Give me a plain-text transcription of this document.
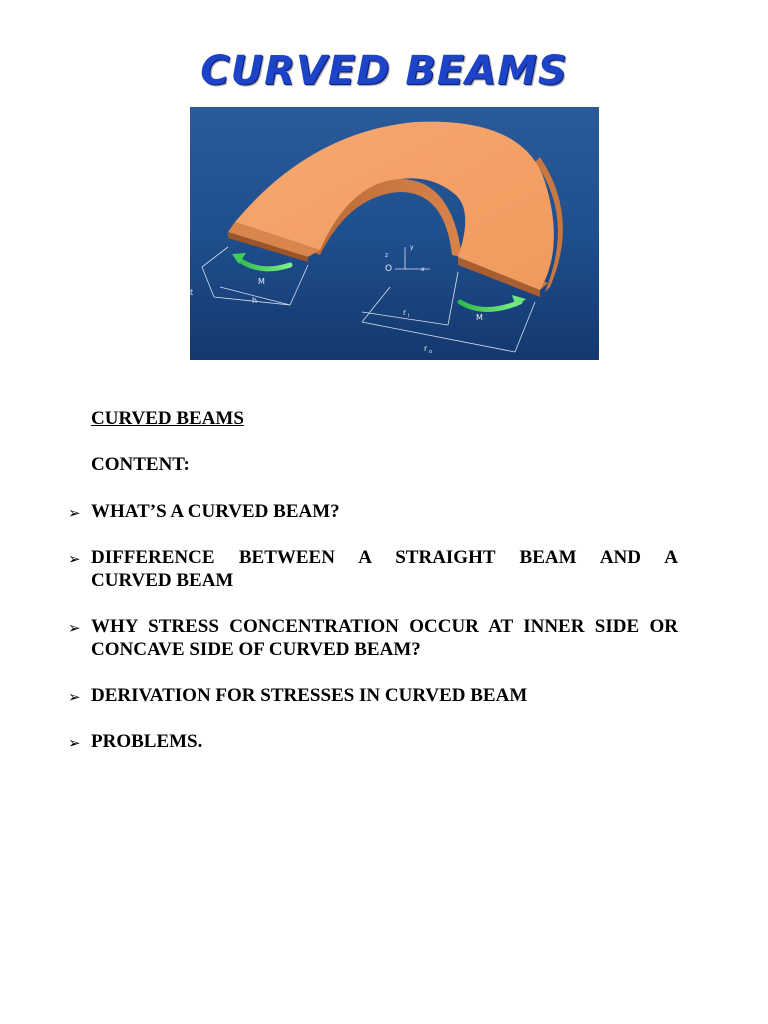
CURVED BEAMS
M
t
h
O
z
y
x
r i	M
r o
CURVED BEAMS
CONTENT:
➢ WHAT’S A CURVED BEAM?
➢ DIFFERENCE BETWEEN A STRAIGHT BEAM AND A
CURVED BEAM
➢ WHY STRESS CONCENTRATION OCCUR AT INNER SIDE OR
CONCAVE SIDE OF CURVED BEAM?
➢ DERIVATION FOR STRESSES IN CURVED BEAM
➢ PROBLEMS.
